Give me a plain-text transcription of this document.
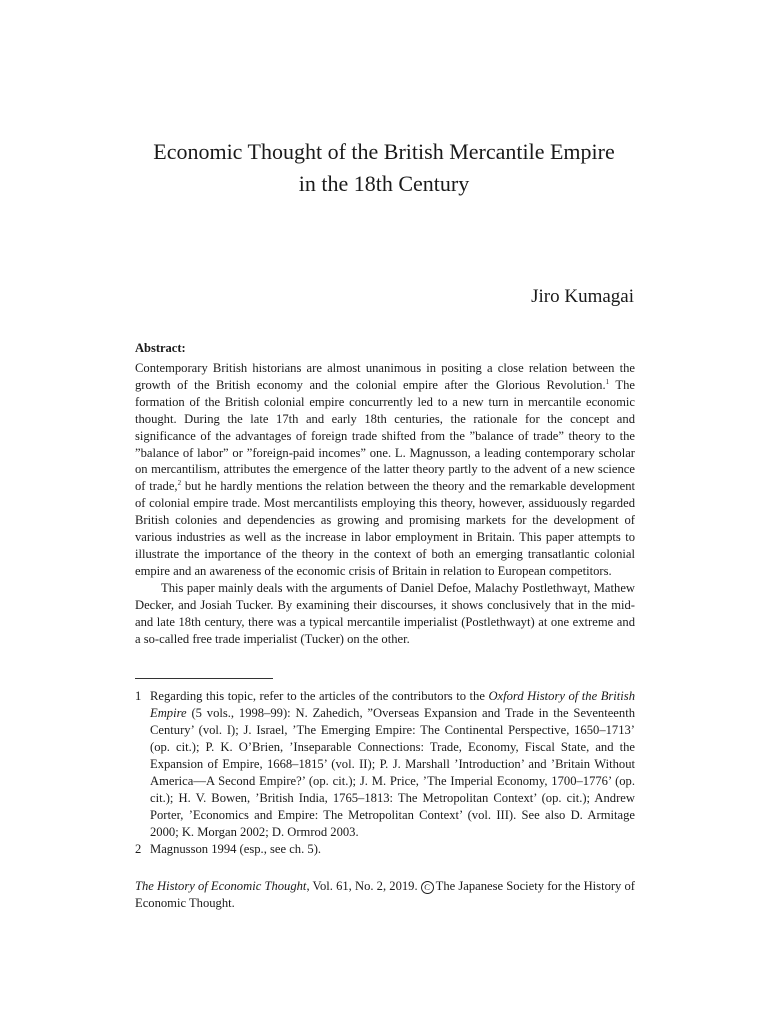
Economic Thought of the British Mercantile Empire
in the 18th Century

Jiro Kumagai

Abstract:

Contemporary British historians are almost unanimous in positing a close relation between the growth of the British economy and the colonial empire after the Glorious Revolution.$^1$ The formation of the British colonial empire concurrently led to a new turn in mercantile economic thought. During the late 17th and early 18th centuries, the rationale for the concept and significance of the advantages of foreign trade shifted from the ”balance of trade” theory to the ”balance of labor” or ”foreign-paid incomes” one. L. Magnusson, a leading contemporary scholar on mercantilism, attributes the emergence of the latter theory partly to the advent of a new science of trade,$^2$ but he hardly mentions the relation between the theory and the remarkable development of colonial empire trade. Most mercantilists employing this theory, however, assiduously regarded British colonies and dependencies as growing and promising markets for the development of various industries as well as the increase in labor employment in Britain. This paper attempts to illustrate the importance of the theory in the context of both an emerging transatlantic colonial empire and an awareness of the economic crisis of Britain in relation to European competitors.

This paper mainly deals with the arguments of Daniel Defoe, Malachy Postlethwayt, Mathew Decker, and Josiah Tucker. By examining their discourses, it shows conclusively that in the mid- and late 18th century, there was a typical mercantile imperialist (Postlethwayt) at one extreme and a so-called free trade imperialist (Tucker) on the other.

1 Regarding this topic, refer to the articles of the contributors to the Oxford History of the British Empire (5 vols., 1998–99): N. Zahedich, ”Overseas Expansion and Trade in the Seventeenth Century’ (vol. I); J. Israel, ’The Emerging Empire: The Continental Perspective, 1650–1713’ (op. cit.); P. K. O’Brien, ’Inseparable Connections: Trade, Economy, Fiscal State, and the Expansion of Empire, 1668–1815’ (vol. II); P. J. Marshall ’Introduction’ and ’Britain Without America—A Second Empire?’ (op. cit.); J. M. Price, ’The Imperial Economy, 1700–1776’ (op. cit.); H. V. Bowen, ’British India, 1765–1813: The Metropolitan Context’ (op. cit.); Andrew Porter, ’Economics and Empire: The Metropolitan Context’ (vol. III). See also D. Armitage 2000; K. Morgan 2002; D. Ormrod 2003.
2 Magnusson 1994 (esp., see ch. 5).

The History of Economic Thought, Vol. 61, No. 2, 2019. C The Japanese Society for the History of Economic Thought.
